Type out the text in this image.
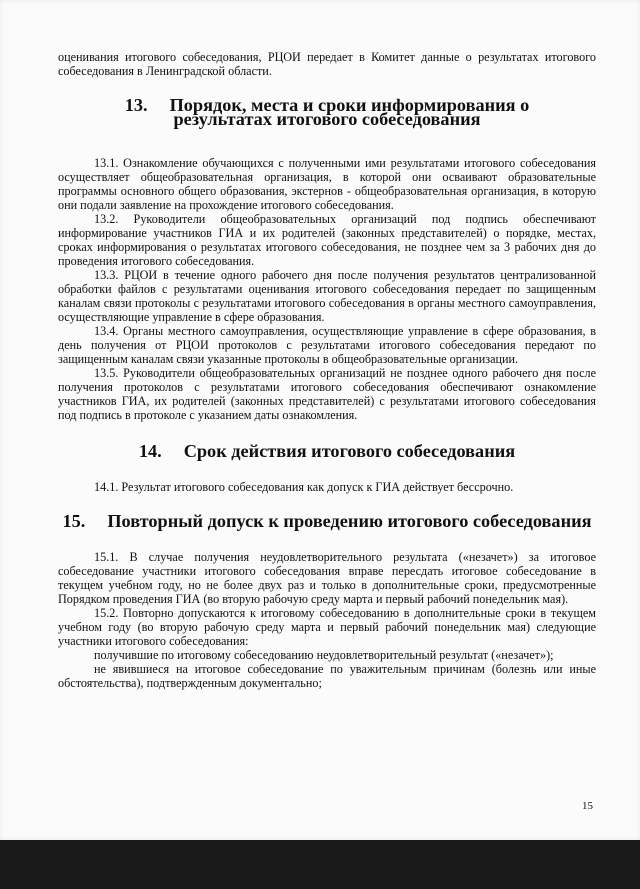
оценивания итогового собеседования, РЦОИ передает в Комитет данные о результатах итогового собеседования в Ленинградской области.

13. Порядок, места и сроки информирования о результатах итогового собеседования

13.1. Ознакомление обучающихся с полученными ими результатами итогового собеседования осуществляет общеобразовательная организация, в которой они осваивают образовательные программы основного общего образования, экстернов - общеобразовательная организация, в которую они подали заявление на прохождение итогового собеседования.

13.2. Руководители общеобразовательных организаций под подпись обеспечивают информирование участников ГИА и их родителей (законных представителей) о порядке, местах, сроках информирования о результатах итогового собеседования, не позднее чем за 3 рабочих дня до проведения итогового собеседования.

13.3. РЦОИ в течение одного рабочего дня после получения результатов централизованной обработки файлов с результатами оценивания итогового собеседования передает по защищенным каналам связи протоколы с результатами итогового собеседования в органы местного самоуправления, осуществляющие управление в сфере образования.

13.4. Органы местного самоуправления, осуществляющие управление в сфере образования, в день получения от РЦОИ протоколов с результатами итогового собеседования передают по защищенным каналам связи указанные протоколы в общеобразовательные организации.

13.5. Руководители общеобразовательных организаций не позднее одного рабочего дня после получения протоколов с результатами итогового собеседования обеспечивают ознакомление участников ГИА, их родителей (законных представителей) с результатами итогового собеседования под подпись в протоколе с указанием даты ознакомления.

14. Срок действия итогового собеседования

14.1. Результат итогового собеседования как допуск к ГИА действует бессрочно.

15. Повторный допуск к проведению итогового собеседования

15.1. В случае получения неудовлетворительного результата («незачет») за итоговое собеседование участники итогового собеседования вправе пересдать итоговое собеседование в текущем учебном году, но не более двух раз и только в дополнительные сроки, предусмотренные Порядком проведения ГИА (во вторую рабочую среду марта и первый рабочий понедельник мая).

15.2. Повторно допускаются к итоговому собеседованию в дополнительные сроки в текущем учебном году (во вторую рабочую среду марта и первый рабочий понедельник мая) следующие участники итогового собеседования:

получившие по итоговому собеседованию неудовлетворительный результат («незачет»);

не явившиеся на итоговое собеседование по уважительным причинам (болезнь или иные обстоятельства), подтвержденным документально;

15
